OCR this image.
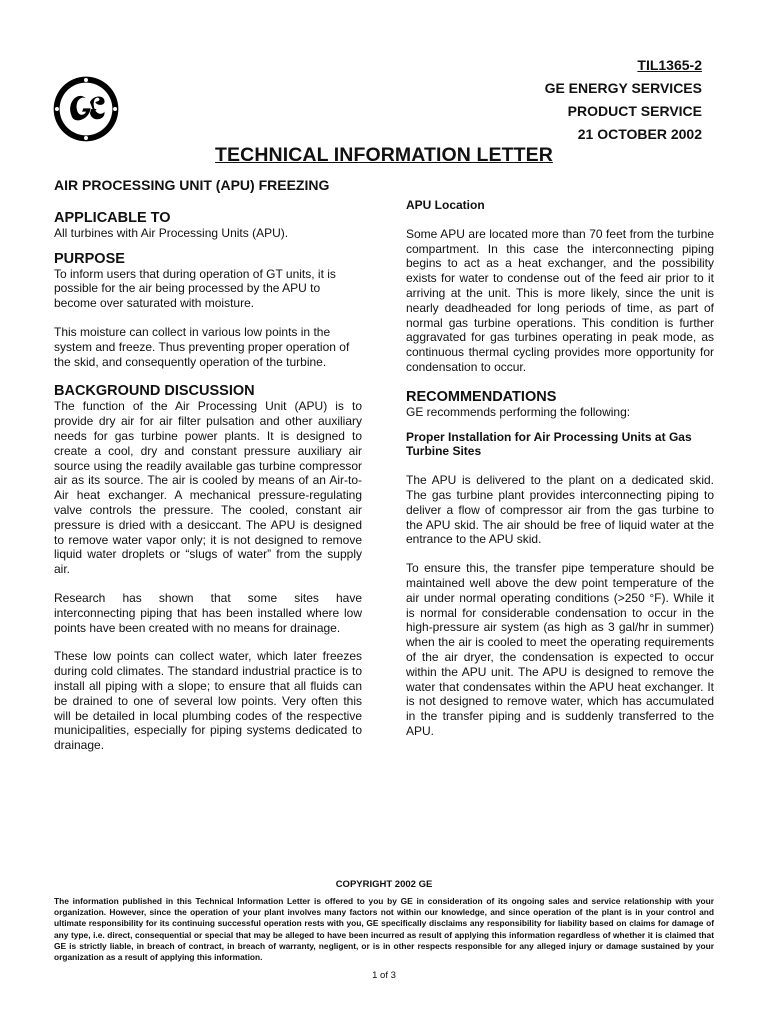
TIL1365-2
GE ENERGY SERVICES
PRODUCT SERVICE
21 OCTOBER 2002
TECHNICAL INFORMATION LETTER
AIR PROCESSING UNIT (APU) FREEZING
APPLICABLE TO

All turbines with Air Processing Units (APU).

PURPOSE

To inform users that during operation of GT units, it is possible for the air being processed by the APU to become over saturated with moisture.

This moisture can collect in various low points in the system and freeze. Thus preventing proper operation of the skid, and consequently operation of the turbine.

BACKGROUND DISCUSSION

The function of the Air Processing Unit (APU) is to provide dry air for air filter pulsation and other auxiliary needs for gas turbine power plants. It is designed to create a cool, dry and constant pressure auxiliary air source using the readily available gas turbine compressor air as its source. The air is cooled by means of an Air-to-Air heat exchanger. A mechanical pressure-regulating valve controls the pressure. The cooled, constant air pressure is dried with a desiccant. The APU is designed to remove water vapor only; it is not designed to remove liquid water droplets or “slugs of water” from the supply air.

Research has shown that some sites have interconnecting piping that has been installed where low points have been created with no means for drainage.

These low points can collect water, which later freezes during cold climates. The standard industrial practice is to install all piping with a slope; to ensure that all fluids can be drained to one of several low points. Very often this will be detailed in local plumbing codes of the respective municipalities, especially for piping systems dedicated to drainage.

APU Location

Some APU are located more than 70 feet from the turbine compartment. In this case the interconnecting piping begins to act as a heat exchanger, and the possibility exists for water to condense out of the feed air prior to it arriving at the unit. This is more likely, since the unit is nearly deadheaded for long periods of time, as part of normal gas turbine operations. This condition is further aggravated for gas turbines operating in peak mode, as continuous thermal cycling provides more opportunity for condensation to occur.

RECOMMENDATIONS

GE recommends performing the following:

Proper Installation for Air Processing Units at Gas Turbine Sites

The APU is delivered to the plant on a dedicated skid. The gas turbine plant provides interconnecting piping to deliver a flow of compressor air from the gas turbine to the APU skid. The air should be free of liquid water at the entrance to the APU skid.

To ensure this, the transfer pipe temperature should be maintained well above the dew point temperature of the air under normal operating conditions (>250 °F). While it is normal for considerable condensation to occur in the high-pressure air system (as high as 3 gal/hr in summer) when the air is cooled to meet the operating requirements of the air dryer, the condensation is expected to occur within the APU unit. The APU is designed to remove the water that condensates within the APU heat exchanger. It is not designed to remove water, which has accumulated in the transfer piping and is suddenly transferred to the APU.

COPYRIGHT 2002 GE
The information published in this Technical Information Letter is offered to you by GE in consideration of its ongoing sales and service relationship with your organization. However, since the operation of your plant involves many factors not within our knowledge, and since operation of the plant is in your control and ultimate responsibility for its continuing successful operation rests with you, GE specifically disclaims any responsibility for liability based on claims for damage of any type, i.e. direct, consequential or special that may be alleged to have been incurred as result of applying this information regardless of whether it is claimed that GE is strictly liable, in breach of contract, in breach of warranty, negligent, or is in other respects responsible for any alleged injury or damage sustained by your organization as a result of applying this information.
1 of 3
